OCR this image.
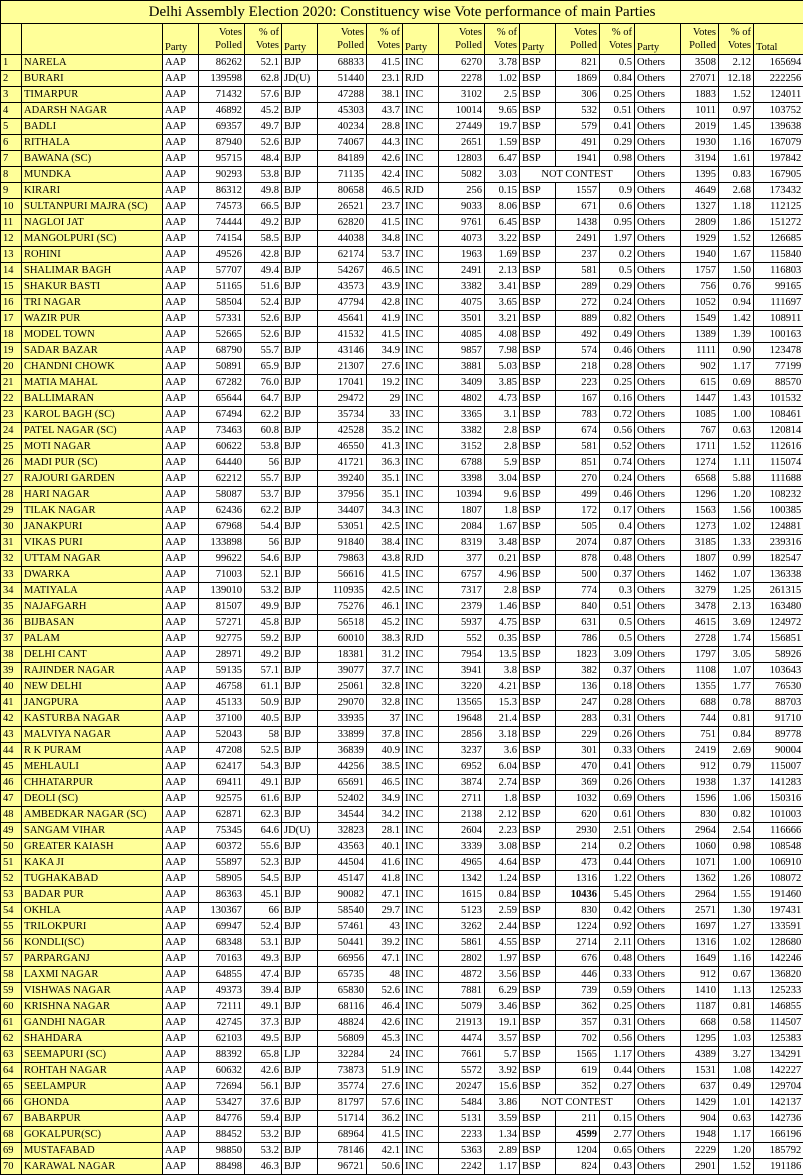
Delhi Assembly Election 2020: Constituency wise Vote performance of main Parties																	

		Party	Votes Polled	% of Votes	Party	Votes Polled	% of Votes	Party	Votes Polled	% of Votes	Party	Votes Polled	% of Votes	Party	Votes Polled	% of Votes	Total
1	NARELA	AAP	86262	52.1	BJP	68833	41.5	INC	6270	3.78	BSP	821	0.5	Others	3508	2.12	165694
2	BURARI	AAP	139598	62.8	JD(U)	51440	23.1	RJD	2278	1.02	BSP	1869	0.84	Others	27071	12.18	222256
3	TIMARPUR	AAP	71432	57.6	BJP	47288	38.1	INC	3102	2.5	BSP	306	0.25	Others	1883	1.52	124011
4	ADARSH NAGAR	AAP	46892	45.2	BJP	45303	43.7	INC	10014	9.65	BSP	532	0.51	Others	1011	0.97	103752
5	BADLI	AAP	69357	49.7	BJP	40234	28.8	INC	27449	19.7	BSP	579	0.41	Others	2019	1.45	139638
6	RITHALA	AAP	87940	52.6	BJP	74067	44.3	INC	2651	1.59	BSP	491	0.29	Others	1930	1.16	167079
7	BAWANA (SC)	AAP	95715	48.4	BJP	84189	42.6	INC	12803	6.47	BSP	1941	0.98	Others	3194	1.61	197842
8	MUNDKA	AAP	90293	53.8	BJP	71135	42.4	INC	5082	3.03	NOT CONTEST			Others	1395	0.83	167905
9	KIRARI	AAP	86312	49.8	BJP	80658	46.5	RJD	256	0.15	BSP	1557	0.9	Others	4649	2.68	173432
10	SULTANPURI MAJRA (SC)	AAP	74573	66.5	BJP	26521	23.7	INC	9033	8.06	BSP	671	0.6	Others	1327	1.18	112125
11	NAGLOI JAT	AAP	74444	49.2	BJP	62820	41.5	INC	9761	6.45	BSP	1438	0.95	Others	2809	1.86	151272
12	MANGOLPURI (SC)	AAP	74154	58.5	BJP	44038	34.8	INC	4073	3.22	BSP	2491	1.97	Others	1929	1.52	126685
13	ROHINI	AAP	49526	42.8	BJP	62174	53.7	INC	1963	1.69	BSP	237	0.2	Others	1940	1.67	115840
14	SHALIMAR BAGH	AAP	57707	49.4	BJP	54267	46.5	INC	2491	2.13	BSP	581	0.5	Others	1757	1.50	116803
15	SHAKUR BASTI	AAP	51165	51.6	BJP	43573	43.9	INC	3382	3.41	BSP	289	0.29	Others	756	0.76	99165
16	TRI NAGAR	AAP	58504	52.4	BJP	47794	42.8	INC	4075	3.65	BSP	272	0.24	Others	1052	0.94	111697
17	WAZIR PUR	AAP	57331	52.6	BJP	45641	41.9	INC	3501	3.21	BSP	889	0.82	Others	1549	1.42	108911
18	MODEL TOWN	AAP	52665	52.6	BJP	41532	41.5	INC	4085	4.08	BSP	492	0.49	Others	1389	1.39	100163
19	SADAR BAZAR	AAP	68790	55.7	BJP	43146	34.9	INC	9857	7.98	BSP	574	0.46	Others	1111	0.90	123478
20	CHANDNI CHOWK	AAP	50891	65.9	BJP	21307	27.6	INC	3881	5.03	BSP	218	0.28	Others	902	1.17	77199
21	MATIA MAHAL	AAP	67282	76.0	BJP	17041	19.2	INC	3409	3.85	BSP	223	0.25	Others	615	0.69	88570
22	BALLIMARAN	AAP	65644	64.7	BJP	29472	29	INC	4802	4.73	BSP	167	0.16	Others	1447	1.43	101532
23	KAROL BAGH (SC)	AAP	67494	62.2	BJP	35734	33	INC	3365	3.1	BSP	783	0.72	Others	1085	1.00	108461
24	PATEL NAGAR (SC)	AAP	73463	60.8	BJP	42528	35.2	INC	3382	2.8	BSP	674	0.56	Others	767	0.63	120814
25	MOTI NAGAR	AAP	60622	53.8	BJP	46550	41.3	INC	3152	2.8	BSP	581	0.52	Others	1711	1.52	112616
26	MADI PUR (SC)	AAP	64440	56	BJP	41721	36.3	INC	6788	5.9	BSP	851	0.74	Others	1274	1.11	115074
27	RAJOURI GARDEN	AAP	62212	55.7	BJP	39240	35.1	INC	3398	3.04	BSP	270	0.24	Others	6568	5.88	111688
28	HARI NAGAR	AAP	58087	53.7	BJP	37956	35.1	INC	10394	9.6	BSP	499	0.46	Others	1296	1.20	108232
29	TILAK NAGAR	AAP	62436	62.2	BJP	34407	34.3	INC	1807	1.8	BSP	172	0.17	Others	1563	1.56	100385
30	JANAKPURI	AAP	67968	54.4	BJP	53051	42.5	INC	2084	1.67	BSP	505	0.4	Others	1273	1.02	124881
31	VIKAS PURI	AAP	133898	56	BJP	91840	38.4	INC	8319	3.48	BSP	2074	0.87	Others	3185	1.33	239316
32	UTTAM NAGAR	AAP	99622	54.6	BJP	79863	43.8	RJD	377	0.21	BSP	878	0.48	Others	1807	0.99	182547
33	DWARKA	AAP	71003	52.1	BJP	56616	41.5	INC	6757	4.96	BSP	500	0.37	Others	1462	1.07	136338
34	MATIYALA	AAP	139010	53.2	BJP	110935	42.5	INC	7317	2.8	BSP	774	0.3	Others	3279	1.25	261315
35	NAJAFGARH	AAP	81507	49.9	BJP	75276	46.1	INC	2379	1.46	BSP	840	0.51	Others	3478	2.13	163480
36	BIJBASAN	AAP	57271	45.8	BJP	56518	45.2	INC	5937	4.75	BSP	631	0.5	Others	4615	3.69	124972
37	PALAM	AAP	92775	59.2	BJP	60010	38.3	RJD	552	0.35	BSP	786	0.5	Others	2728	1.74	156851
38	DELHI CANT	AAP	28971	49.2	BJP	18381	31.2	INC	7954	13.5	BSP	1823	3.09	Others	1797	3.05	58926
39	RAJINDER NAGAR	AAP	59135	57.1	BJP	39077	37.7	INC	3941	3.8	BSP	382	0.37	Others	1108	1.07	103643
40	NEW DELHI	AAP	46758	61.1	BJP	25061	32.8	INC	3220	4.21	BSP	136	0.18	Others	1355	1.77	76530
41	JANGPURA	AAP	45133	50.9	BJP	29070	32.8	INC	13565	15.3	BSP	247	0.28	Others	688	0.78	88703
42	KASTURBA NAGAR	AAP	37100	40.5	BJP	33935	37	INC	19648	21.4	BSP	283	0.31	Others	744	0.81	91710
43	MALVIYA NAGAR	AAP	52043	58	BJP	33899	37.8	INC	2856	3.18	BSP	229	0.26	Others	751	0.84	89778
44	R K PURAM	AAP	47208	52.5	BJP	36839	40.9	INC	3237	3.6	BSP	301	0.33	Others	2419	2.69	90004
45	MEHLAULI	AAP	62417	54.3	BJP	44256	38.5	INC	6952	6.04	BSP	470	0.41	Others	912	0.79	115007
46	CHHATARPUR	AAP	69411	49.1	BJP	65691	46.5	INC	3874	2.74	BSP	369	0.26	Others	1938	1.37	141283
47	DEOLI (SC)	AAP	92575	61.6	BJP	52402	34.9	INC	2711	1.8	BSP	1032	0.69	Others	1596	1.06	150316
48	AMBEDKAR NAGAR (SC)	AAP	62871	62.3	BJP	34544	34.2	INC	2138	2.12	BSP	620	0.61	Others	830	0.82	101003
49	SANGAM VIHAR	AAP	75345	64.6	JD(U)	32823	28.1	INC	2604	2.23	BSP	2930	2.51	Others	2964	2.54	116666
50	GREATER KAIASH	AAP	60372	55.6	BJP	43563	40.1	INC	3339	3.08	BSP	214	0.2	Others	1060	0.98	108548
51	KAKA JI	AAP	55897	52.3	BJP	44504	41.6	INC	4965	4.64	BSP	473	0.44	Others	1071	1.00	106910
52	TUGHAKABAD	AAP	58905	54.5	BJP	45147	41.8	INC	1342	1.24	BSP	1316	1.22	Others	1362	1.26	108072
53	BADAR PUR	AAP	86363	45.1	BJP	90082	47.1	INC	1615	0.84	BSP	10436	5.45	Others	2964	1.55	191460
54	OKHLA	AAP	130367	66	BJP	58540	29.7	INC	5123	2.59	BSP	830	0.42	Others	2571	1.30	197431
55	TRILOKPURI	AAP	69947	52.4	BJP	57461	43	INC	3262	2.44	BSP	1224	0.92	Others	1697	1.27	133591
56	KONDLI(SC)	AAP	68348	53.1	BJP	50441	39.2	INC	5861	4.55	BSP	2714	2.11	Others	1316	1.02	128680
57	PARPARGANJ	AAP	70163	49.3	BJP	66956	47.1	INC	2802	1.97	BSP	676	0.48	Others	1649	1.16	142246
58	LAXMI NAGAR	AAP	64855	47.4	BJP	65735	48	INC	4872	3.56	BSP	446	0.33	Others	912	0.67	136820
59	VISHWAS NAGAR	AAP	49373	39.4	BJP	65830	52.6	INC	7881	6.29	BSP	739	0.59	Others	1410	1.13	125233
60	KRISHNA NAGAR	AAP	72111	49.1	BJP	68116	46.4	INC	5079	3.46	BSP	362	0.25	Others	1187	0.81	146855
61	GANDHI NAGAR	AAP	42745	37.3	BJP	48824	42.6	INC	21913	19.1	BSP	357	0.31	Others	668	0.58	114507
62	SHAHDARA	AAP	62103	49.5	BJP	56809	45.3	INC	4474	3.57	BSP	702	0.56	Others	1295	1.03	125383
63	SEEMAPURI (SC)	AAP	88392	65.8	LJP	32284	24	INC	7661	5.7	BSP	1565	1.17	Others	4389	3.27	134291
64	ROHTAH NAGAR	AAP	60632	42.6	BJP	73873	51.9	INC	5572	3.92	BSP	619	0.44	Others	1531	1.08	142227
65	SEELAMPUR	AAP	72694	56.1	BJP	35774	27.6	INC	20247	15.6	BSP	352	0.27	Others	637	0.49	129704
66	GHONDA	AAP	53427	37.6	BJP	81797	57.6	INC	5484	3.86	NOT CONTEST			Others	1429	1.01	142137
67	BABARPUR	AAP	84776	59.4	BJP	51714	36.2	INC	5131	3.59	BSP	211	0.15	Others	904	0.63	142736
68	GOKALPUR(SC)	AAP	88452	53.2	BJP	68964	41.5	INC	2233	1.34	BSP	4599	2.77	Others	1948	1.17	166196
69	MUSTAFABAD	AAP	98850	53.2	BJP	78146	42.1	INC	5363	2.89	BSP	1204	0.65	Others	2229	1.20	185792
70	KARAWAL NAGAR	AAP	88498	46.3	BJP	96721	50.6	INC	2242	1.17	BSP	824	0.43	Others	2901	1.52	191186
